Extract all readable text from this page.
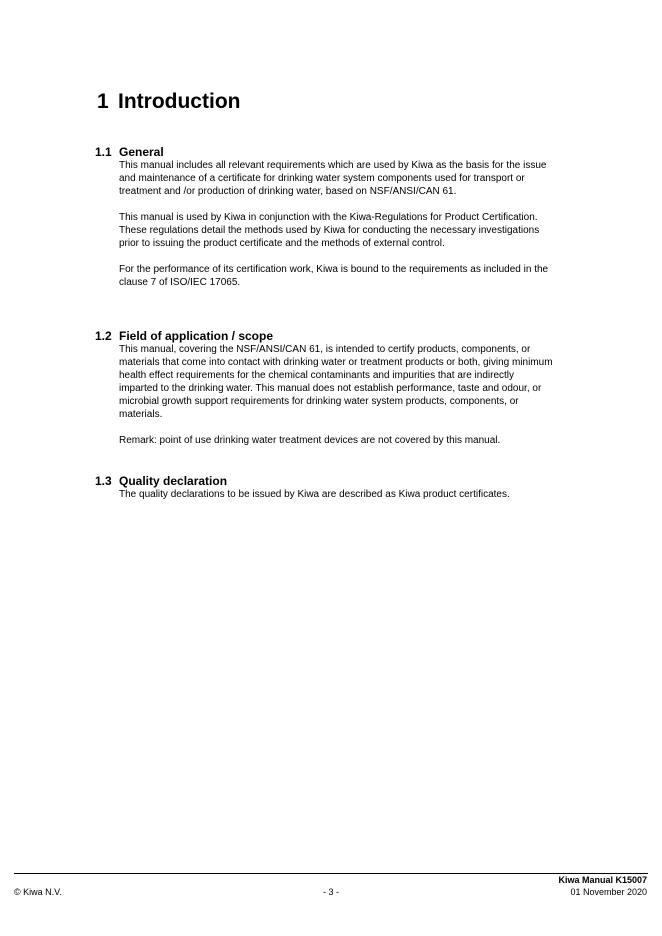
1 Introduction
1.1 General

This manual includes all relevant requirements which are used by Kiwa as the basis for the issue and maintenance of a certificate for drinking water system components used for transport or treatment and /or production of drinking water, based on NSF/ANSI/CAN 61.

This manual is used by Kiwa in conjunction with the Kiwa-Regulations for Product Certification. These regulations detail the methods used by Kiwa for conducting the necessary investigations prior to issuing the product certificate and the methods of external control.

For the performance of its certification work, Kiwa is bound to the requirements as included in the clause 7 of ISO/IEC 17065.

1.2 Field of application / scope

This manual, covering the NSF/ANSI/CAN 61, is intended to certify products, components, or materials that come into contact with drinking water or treatment products or both, giving minimum health effect requirements for the chemical contaminants and impurities that are indirectly imparted to the drinking water. This manual does not establish performance, taste and odour, or microbial growth support requirements for drinking water system products, components, or materials.

Remark: point of use drinking water treatment devices are not covered by this manual.

1.3 Quality declaration

The quality declarations to be issued by Kiwa are described as Kiwa product certificates.

Kiwa Manual K15007
© Kiwa N.V.	- 3 -	01 November 2020
